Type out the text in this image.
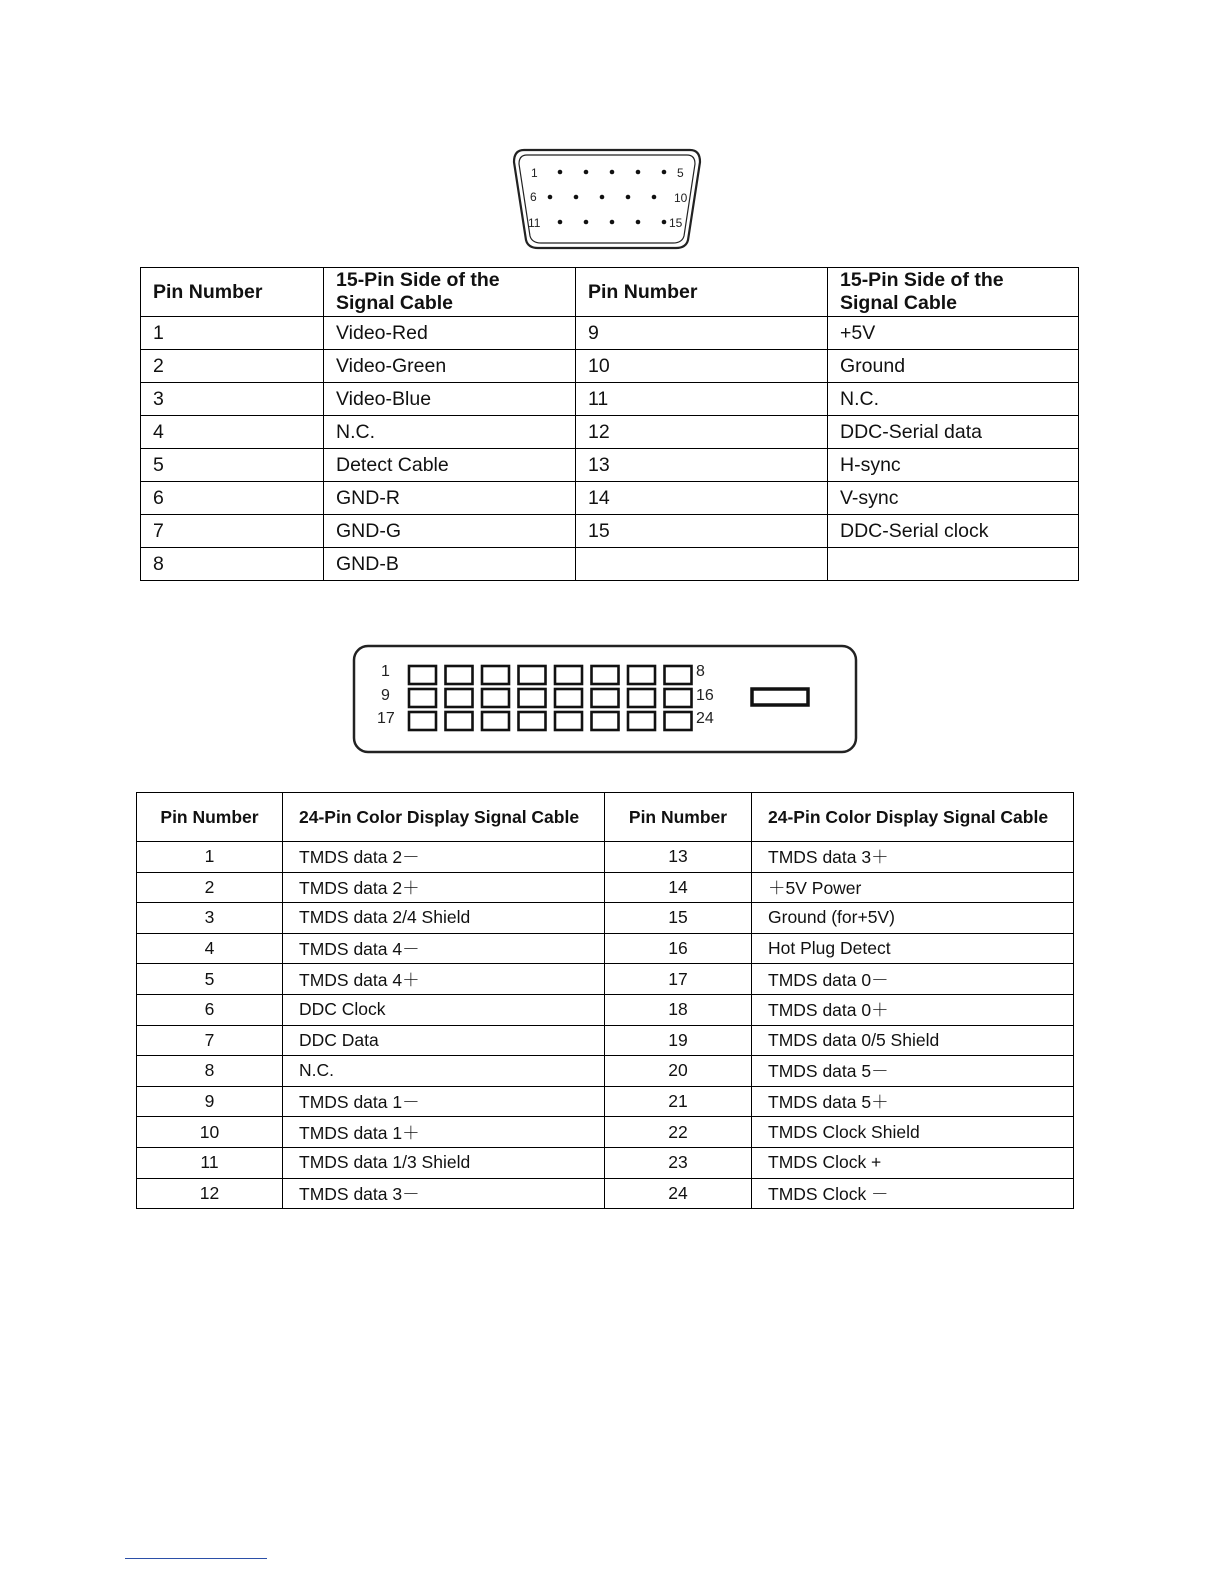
1	5
6	10
11	15
Pin Number	15-Pin Side of the Signal Cable	Pin Number	15-Pin Side of the Signal Cable
1	Video-Red	9	+5V
2	Video-Green	10	Ground
3	Video-Blue	11	N.C.
4	N.C.	12	DDC-Serial data
5	Detect Cable	13	H-sync
6	GND-R	14	V-sync
7	GND-G	15	DDC-Serial clock
8	GND-B		
1	8
9	16
17	24
Pin Number	24-Pin Color Display Signal Cable	Pin Number	24-Pin Color Display Signal Cable
1	TMDS data 2－	13	TMDS data 3＋
2	TMDS data 2＋	14	＋5V Power
3	TMDS data 2/4 Shield	15	Ground (for+5V)
4	TMDS data 4－	16	Hot Plug Detect
5	TMDS data 4＋	17	TMDS data 0－
6	DDC Clock	18	TMDS data 0＋
7	DDC Data	19	TMDS data 0/5 Shield
8	N.C.	20	TMDS data 5－
9	TMDS data 1－	21	TMDS data 5＋
10	TMDS data 1＋	22	TMDS Clock Shield
11	TMDS data 1/3 Shield	23	TMDS Clock +
12	TMDS data 3－	24	TMDS Clock －
